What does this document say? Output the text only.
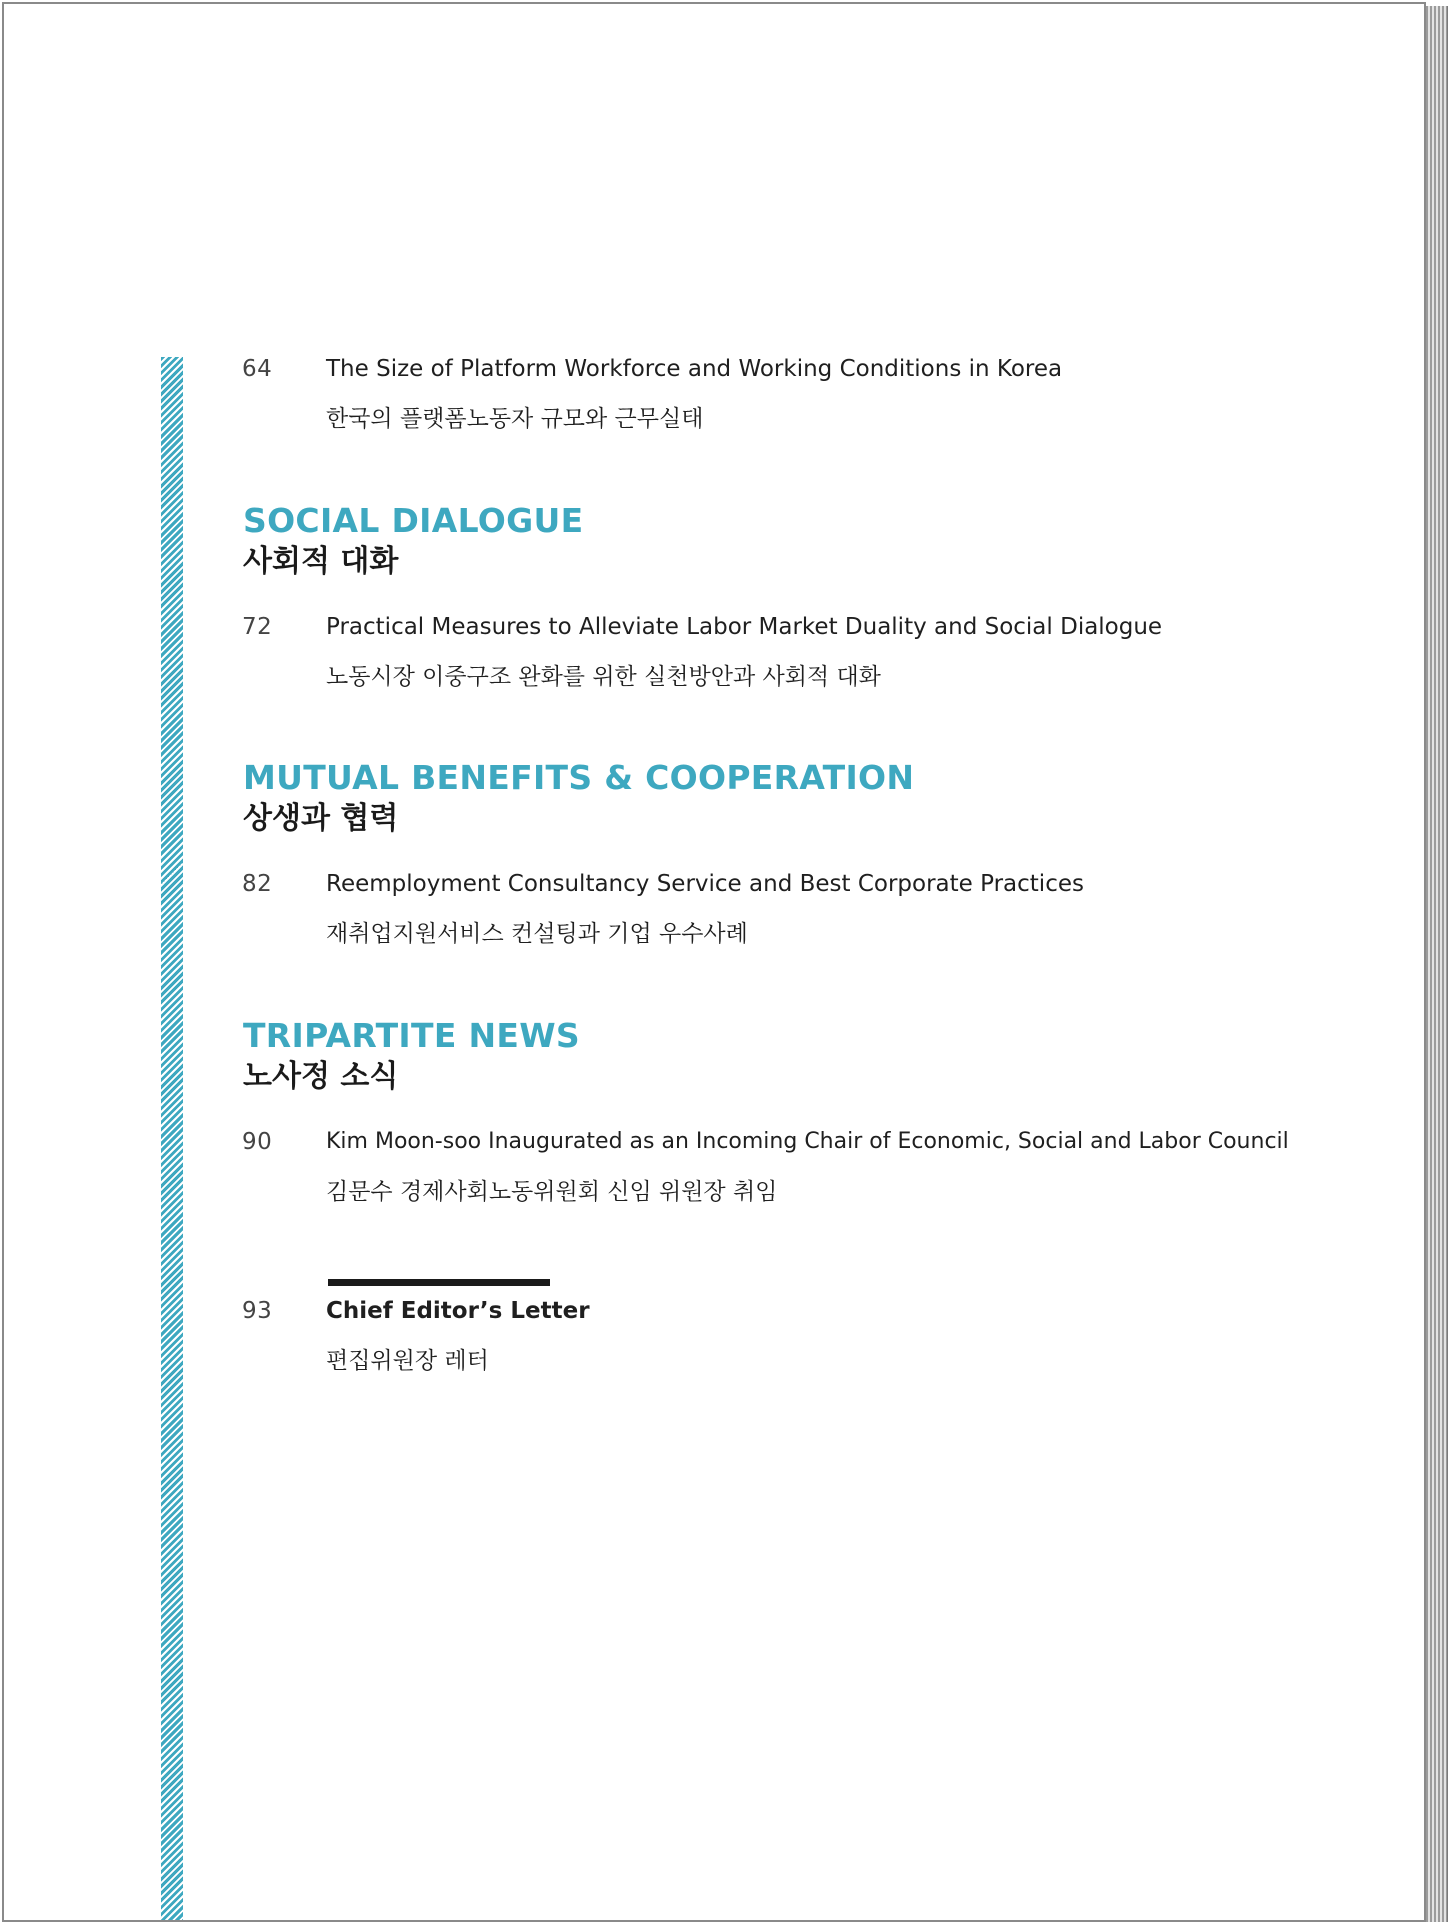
64 The Size of Platform Workforce and Working Conditions in Korea
한국의 플랫폼노동자 규모와 근무실태
SOCIAL DIALOGUE
사회적 대화
72 Practical Measures to Alleviate Labor Market Duality and Social Dialogue
노동시장 이중구조 완화를 위한 실천방안과 사회적 대화
MUTUAL BENEFITS & COOPERATION
상생과 협력
82 Reemployment Consultancy Service and Best Corporate Practices
재취업지원서비스 컨설팅과 기업 우수사례
TRIPARTITE NEWS
노사정 소식
90 Kim Moon-soo Inaugurated as an Incoming Chair of Economic, Social and Labor Council
김문수 경제사회노동위원회 신임 위원장 취임
93 Chief Editor’s Letter
편집위원장 레터
